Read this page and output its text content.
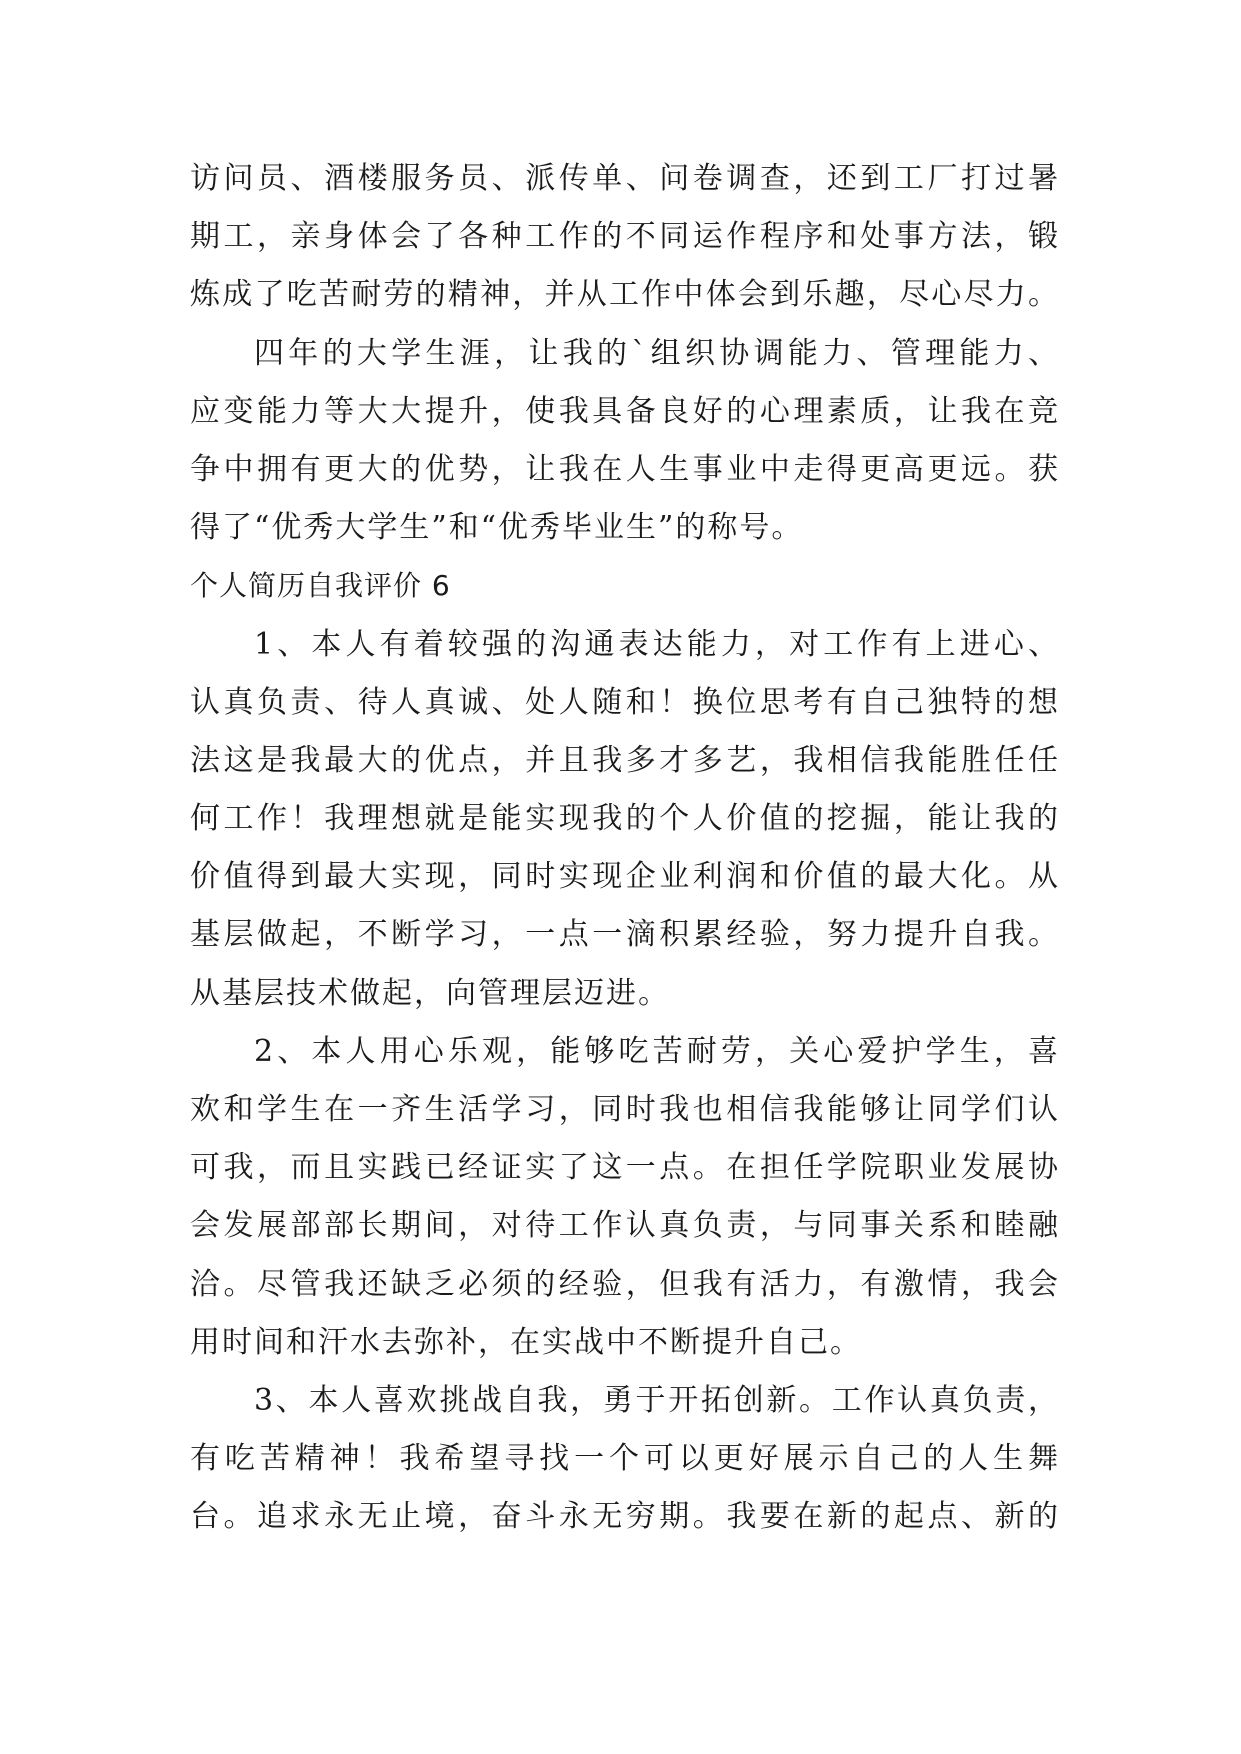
访问员、酒楼服务员、派传单、问卷调查，还到工厂打过暑
期工，亲身体会了各种工作的不同运作程序和处事方法，锻
炼成了吃苦耐劳的精神，并从工作中体会到乐趣，尽心尽力。
四年的大学生涯，让我的`组织协调能力、管理能力、
应变能力等大大提升，使我具备良好的心理素质，让我在竞
争中拥有更大的优势，让我在人生事业中走得更高更远。获
得了“优秀大学生”和“优秀毕业生”的称号。
个人简历自我评价 6
1、本人有着较强的沟通表达能力，对工作有上进心、
认真负责、待人真诚、处人随和！换位思考有自己独特的想
法这是我最大的优点，并且我多才多艺，我相信我能胜任任
何工作！我理想就是能实现我的个人价值的挖掘，能让我的
价值得到最大实现，同时实现企业利润和价值的最大化。从
基层做起，不断学习，一点一滴积累经验，努力提升自我。
从基层技术做起，向管理层迈进。
2、本人用心乐观，能够吃苦耐劳，关心爱护学生，喜
欢和学生在一齐生活学习，同时我也相信我能够让同学们认
可我，而且实践已经证实了这一点。在担任学院职业发展协
会发展部部长期间，对待工作认真负责，与同事关系和睦融
洽。尽管我还缺乏必须的经验，但我有活力，有激情，我会
用时间和汗水去弥补，在实战中不断提升自己。
3、本人喜欢挑战自我，勇于开拓创新。工作认真负责，
有吃苦精神！我希望寻找一个可以更好展示自己的人生舞
台。追求永无止境，奋斗永无穷期。我要在新的起点、新的
